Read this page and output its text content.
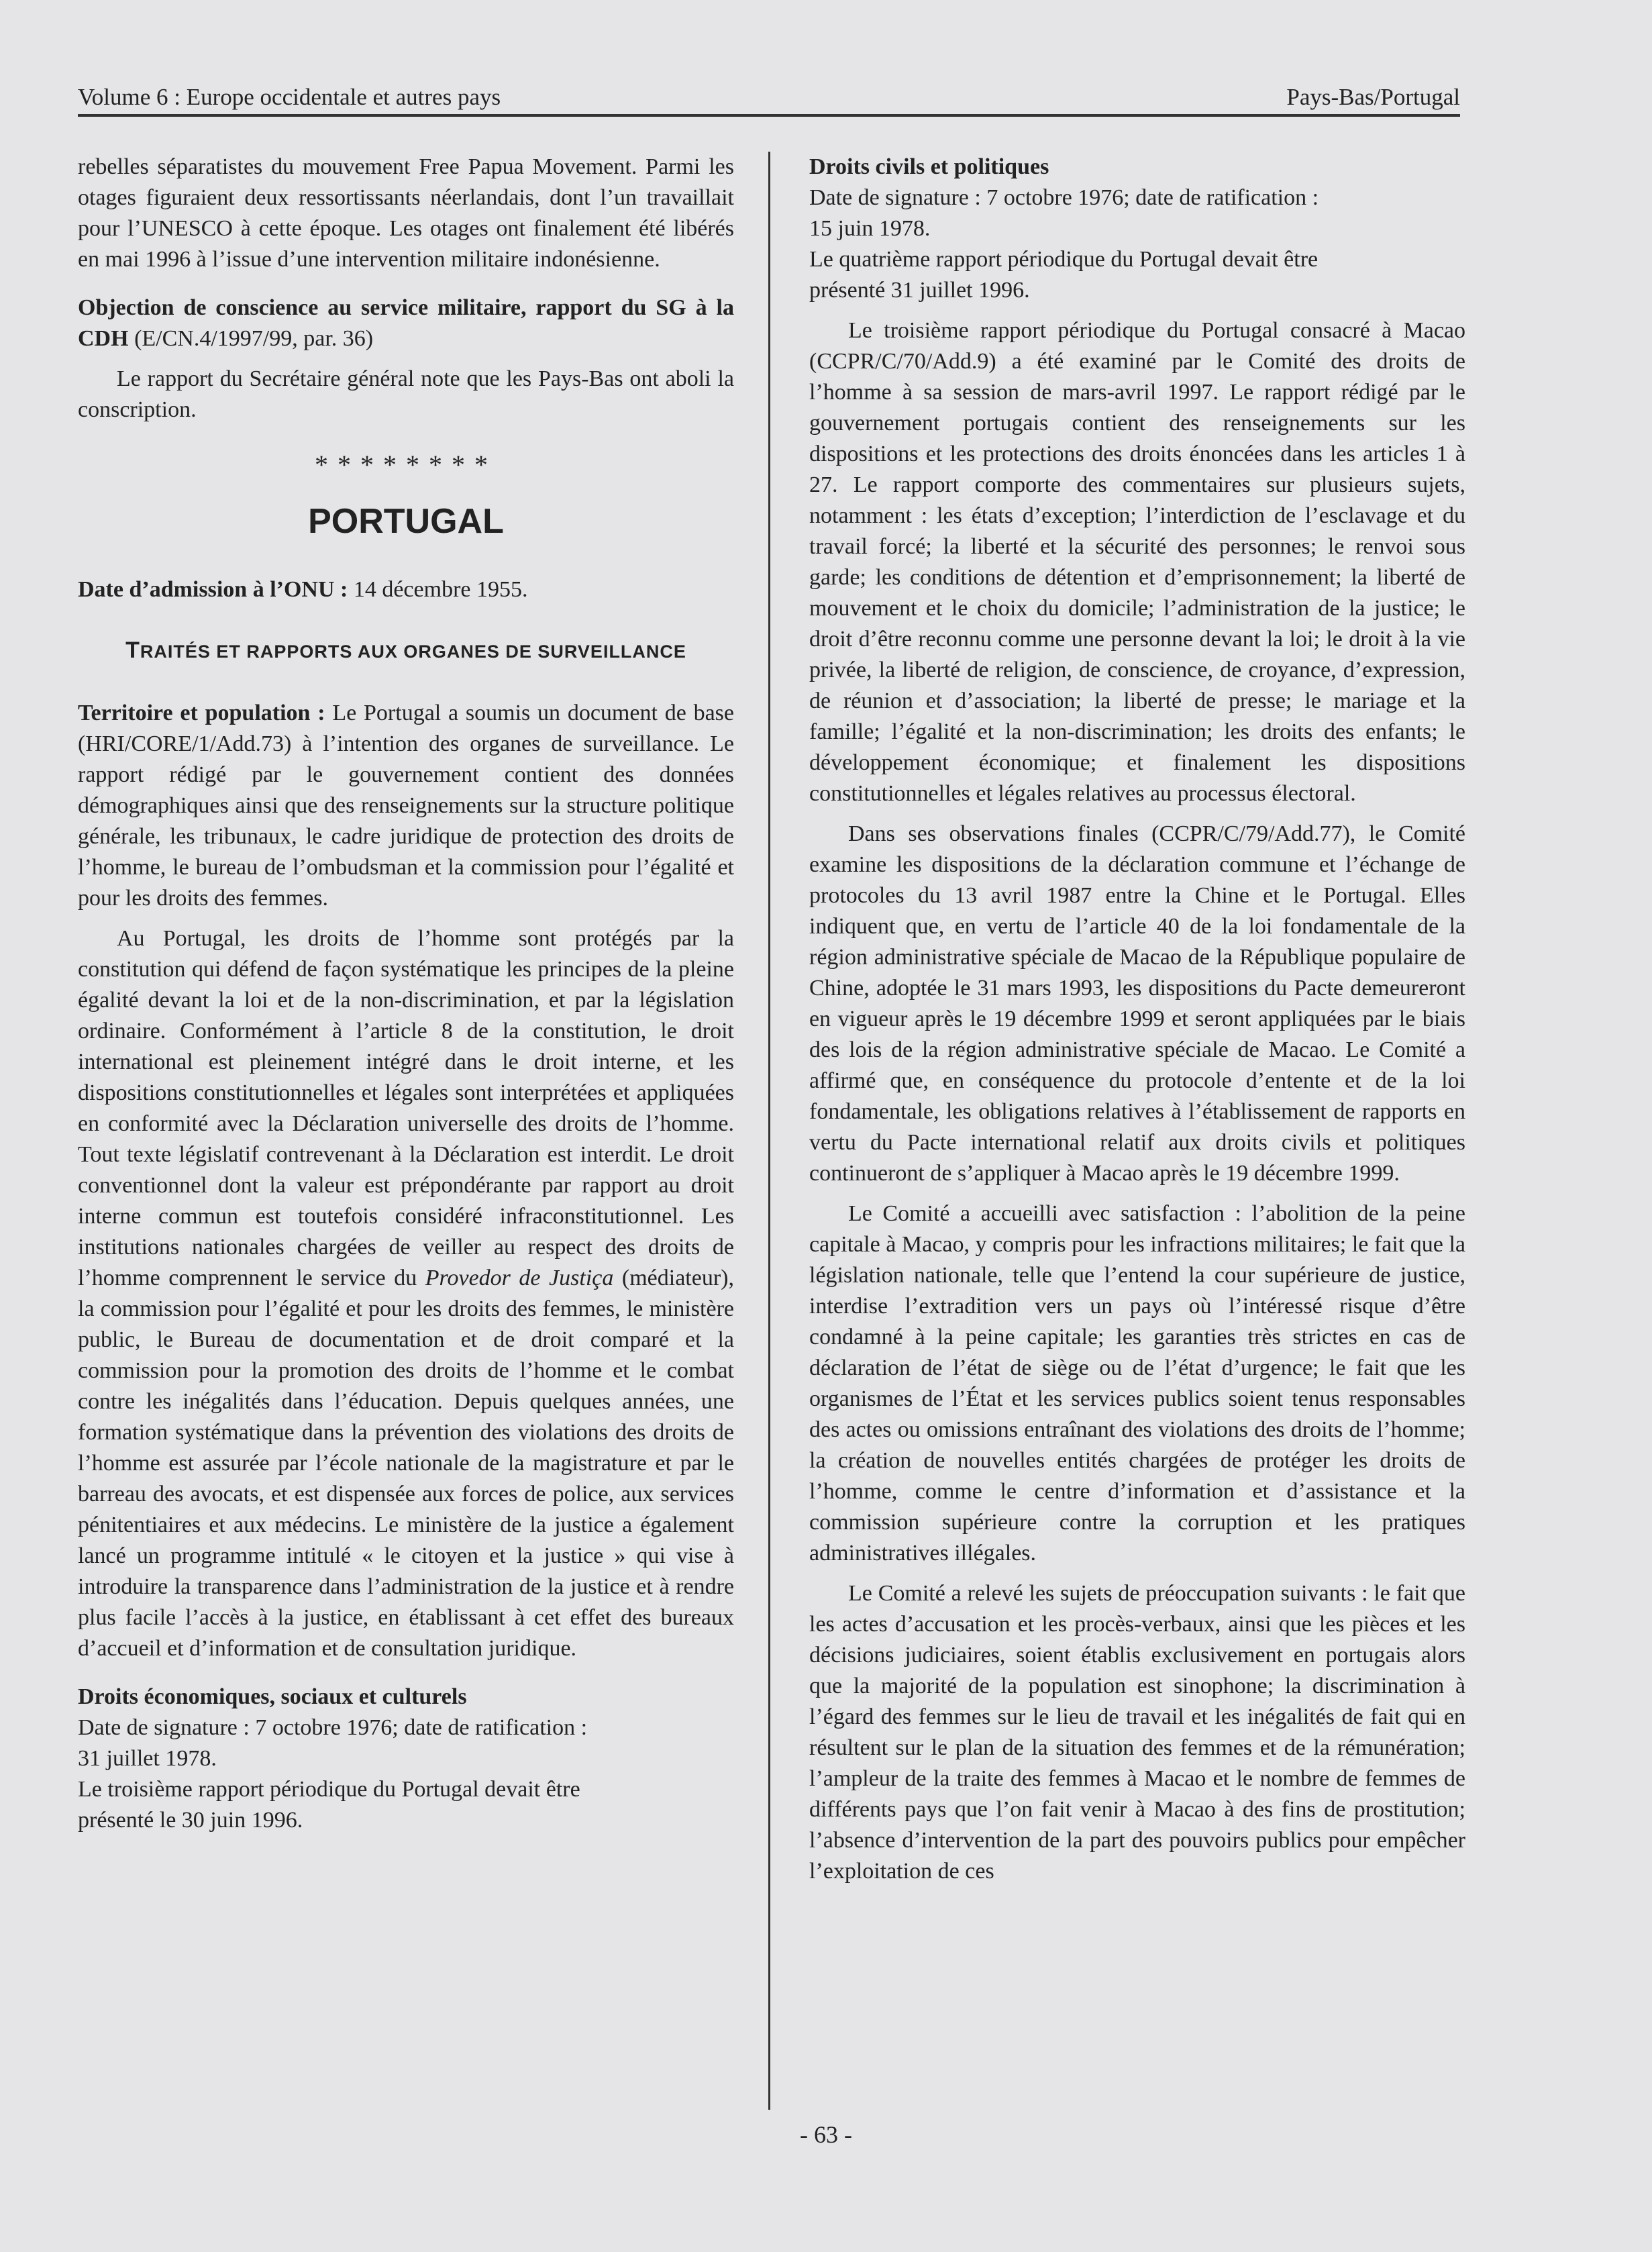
Volume 6 : Europe occidentale et autres pays	Pays-Bas/Portugal

rebelles séparatistes du mouvement Free Papua Movement. Parmi les otages figuraient deux ressortissants néerlandais, dont l’un travaillait pour l’UNESCO à cette époque. Les otages ont finalement été libérés en mai 1996 à l’issue d’une intervention militaire indonésienne.

Objection de conscience au service militaire, rapport du SG à la CDH (E/CN.4/1997/99, par. 36)

Le rapport du Secrétaire général note que les Pays-Bas ont aboli la conscription.

********
PORTUGAL

Date d’admission à l’ONU : 14 décembre 1955.

TRAITÉS ET RAPPORTS AUX ORGANES DE SURVEILLANCE

Territoire et population : Le Portugal a soumis un document de base (HRI/CORE/1/Add.73) à l’intention des organes de surveillance. Le rapport rédigé par le gouvernement contient des données démographiques ainsi que des renseignements sur la structure politique générale, les tribunaux, le cadre juridique de protection des droits de l’homme, le bureau de l’ombudsman et la commission pour l’égalité et pour les droits des femmes.

Au Portugal, les droits de l’homme sont protégés par la constitution qui défend de façon systématique les principes de la pleine égalité devant la loi et de la non-discrimination, et par la législation ordinaire. Conformément à l’article 8 de la constitution, le droit international est pleinement intégré dans le droit interne, et les dispositions constitutionnelles et légales sont interprétées et appliquées en conformité avec la Déclaration universelle des droits de l’homme. Tout texte législatif contrevenant à la Déclaration est interdit. Le droit conventionnel dont la valeur est prépondérante par rapport au droit interne commun est toutefois considéré infraconstitutionnel. Les institutions nationales chargées de veiller au respect des droits de l’homme comprennent le service du Provedor de Justiça (médiateur), la commission pour l’égalité et pour les droits des femmes, le ministère public, le Bureau de documentation et de droit comparé et la commission pour la promotion des droits de l’homme et le combat contre les inégalités dans l’éducation. Depuis quelques années, une formation systématique dans la prévention des violations des droits de l’homme est assurée par l’école nationale de la magistrature et par le barreau des avocats, et est dispensée aux forces de police, aux services pénitentiaires et aux médecins. Le ministère de la justice a également lancé un programme intitulé « le citoyen et la justice » qui vise à introduire la transparence dans l’administration de la justice et à rendre plus facile l’accès à la justice, en établissant à cet effet des bureaux d’accueil et d’information et de consultation juridique.

Droits économiques, sociaux et culturels

Date de signature : 7 octobre 1976; date de ratification :

31 juillet 1978.

Le troisième rapport périodique du Portugal devait être

présenté le 30 juin 1996.

Droits civils et politiques

Date de signature : 7 octobre 1976; date de ratification :

15 juin 1978.

Le quatrième rapport périodique du Portugal devait être

présenté 31 juillet 1996.

Le troisième rapport périodique du Portugal consacré à Macao (CCPR/C/70/Add.9) a été examiné par le Comité des droits de l’homme à sa session de mars-avril 1997. Le rapport rédigé par le gouvernement portugais contient des renseignements sur les dispositions et les protections des droits énoncées dans les articles 1 à 27. Le rapport comporte des commentaires sur plusieurs sujets, notamment : les états d’exception; l’interdiction de l’esclavage et du travail forcé; la liberté et la sécurité des personnes; le renvoi sous garde; les conditions de détention et d’emprisonnement; la liberté de mouvement et le choix du domicile; l’administration de la justice; le droit d’être reconnu comme une personne devant la loi; le droit à la vie privée, la liberté de religion, de conscience, de croyance, d’expression, de réunion et d’association; la liberté de presse; le mariage et la famille; l’égalité et la non-discrimination; les droits des enfants; le développement économique; et finalement les dispositions constitutionnelles et légales relatives au processus électoral.

Dans ses observations finales (CCPR/C/79/Add.77), le Comité examine les dispositions de la déclaration commune et l’échange de protocoles du 13 avril 1987 entre la Chine et le Portugal. Elles indiquent que, en vertu de l’article 40 de la loi fondamentale de la région administrative spéciale de Macao de la République populaire de Chine, adoptée le 31 mars 1993, les dispositions du Pacte demeureront en vigueur après le 19 décembre 1999 et seront appliquées par le biais des lois de la région administrative spéciale de Macao. Le Comité a affirmé que, en conséquence du protocole d’entente et de la loi fondamentale, les obligations relatives à l’établissement de rapports en vertu du Pacte international relatif aux droits civils et politiques continueront de s’appliquer à Macao après le 19 décembre 1999.

Le Comité a accueilli avec satisfaction : l’abolition de la peine capitale à Macao, y compris pour les infractions militaires; le fait que la législation nationale, telle que l’entend la cour supérieure de justice, interdise l’extradition vers un pays où l’intéressé risque d’être condamné à la peine capitale; les garanties très strictes en cas de déclaration de l’état de siège ou de l’état d’urgence; le fait que les organismes de l’État et les services publics soient tenus responsables des actes ou omissions entraînant des violations des droits de l’homme; la création de nouvelles entités chargées de protéger les droits de l’homme, comme le centre d’information et d’assistance et la commission supérieure contre la corruption et les pratiques administratives illégales.

Le Comité a relevé les sujets de préoccupation suivants : le fait que les actes d’accusation et les procès-verbaux, ainsi que les pièces et les décisions judiciaires, soient établis exclusivement en portugais alors que la majorité de la population est sinophone; la discrimination à l’égard des femmes sur le lieu de travail et les inégalités de fait qui en résultent sur le plan de la situation des femmes et de la rémunération; l’ampleur de la traite des femmes à Macao et le nombre de femmes de différents pays que l’on fait venir à Macao à des fins de prostitution; l’absence d’intervention de la part des pouvoirs publics pour empêcher l’exploitation de ces

- 63 -
